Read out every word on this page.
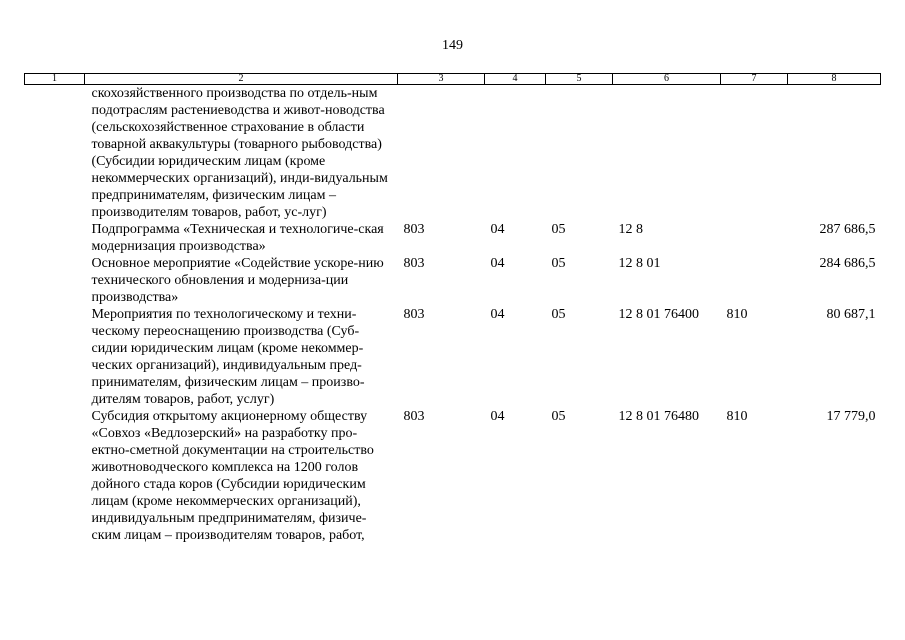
149
1	2	3	4	5	6	7	8
	скохозяйственного производства по отдель-ным подотраслям растениеводства и живот-новодства (сельскохозяйственное страхование в области товарной аквакультуры (товарного рыбоводства) (Субсидии юридическим лицам (кроме некоммерческих организаций), инди-видуальным предпринимателям, физическим лицам – производителям товаров, работ, ус-луг)						
	Подпрограмма «Техническая и технологиче-ская модернизация производства»	803	04	05	12 8		287 686,5
	Основное мероприятие «Содействие ускоре-нию технического обновления и модерниза-ции производства»	803	04	05	12 8 01		284 686,5
	Мероприятия по технологическому и техни-ческому переоснащению производства (Суб-сидии юридическим лицам (кроме некоммер-ческих организаций), индивидуальным пред-принимателям, физическим лицам – произво-дителям товаров, работ, услуг)	803	04	05	12 8 01 76400	810	80 687,1
	Субсидия открытому акционерному обществу «Совхоз «Ведлозерский» на разработку про-ектно-сметной документации на строительство животноводческого комплекса на 1200 голов дойного стада коров (Субсидии юридическим лицам (кроме некоммерческих организаций), индивидуальным предпринимателям, физиче-ским лицам – производителям товаров, работ,	803	04	05	12 8 01 76480	810	17 779,0
